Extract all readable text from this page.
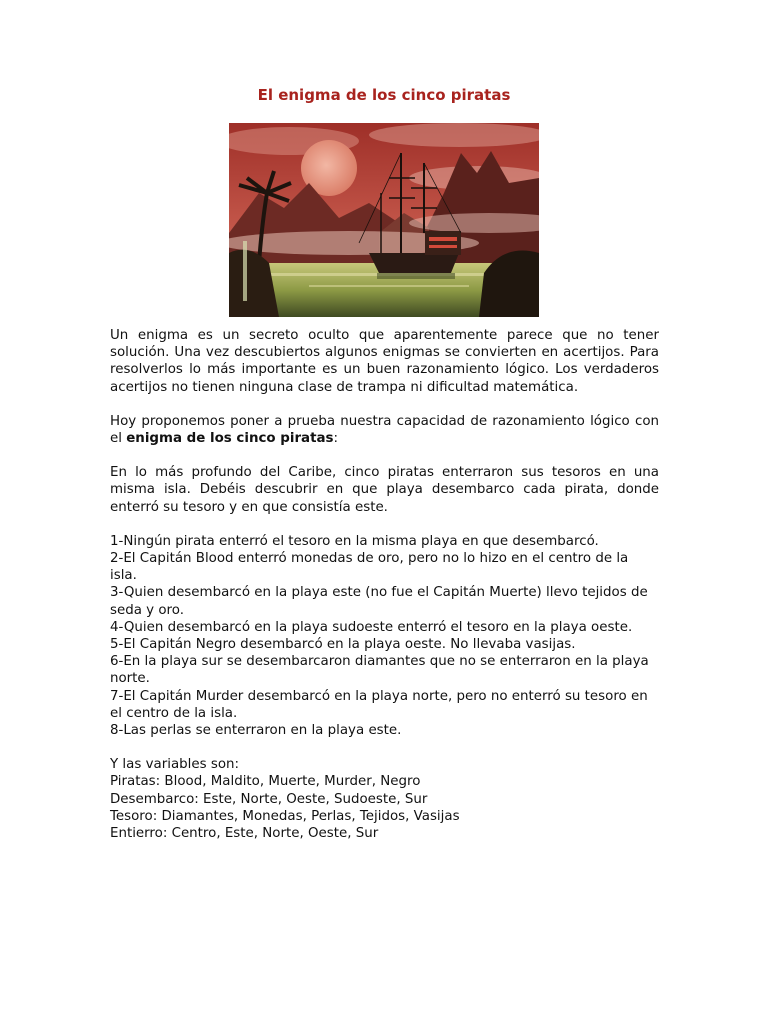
El enigma de los cinco piratas

Un enigma es un secreto oculto que aparentemente parece que no tener solución. Una vez descubiertos algunos enigmas se convierten en acertijos. Para resolverlos lo más importante es un buen razonamiento lógico. Los verdaderos acertijos no tienen ninguna clase de trampa ni dificultad matemática.

Hoy proponemos poner a prueba nuestra capacidad de razonamiento lógico con el enigma de los cinco piratas:

En lo más profundo del Caribe, cinco piratas enterraron sus tesoros en una misma isla. Debéis descubrir en que playa desembarco cada pirata, donde enterró su tesoro y en que consistía este.

1-Ningún pirata enterró el tesoro en la misma playa en que desembarcó.
2-El Capitán Blood enterró monedas de oro, pero no lo hizo en el centro de la isla.
3-Quien desembarcó en la playa este (no fue el Capitán Muerte) llevo tejidos de seda y oro.
4-Quien desembarcó en la playa sudoeste enterró el tesoro en la playa oeste.
5-El Capitán Negro desembarcó en la playa oeste. No llevaba vasijas.
6-En la playa sur se desembarcaron diamantes que no se enterraron en la playa norte.
7-El Capitán Murder desembarcó en la playa norte, pero no enterró su tesoro en el centro de la isla.
8-Las perlas se enterraron en la playa este.
Y las variables son:
Piratas: Blood, Maldito, Muerte, Murder, Negro
Desembarco: Este, Norte, Oeste, Sudoeste, Sur
Tesoro: Diamantes, Monedas, Perlas, Tejidos, Vasijas
Entierro: Centro, Este, Norte, Oeste, Sur
